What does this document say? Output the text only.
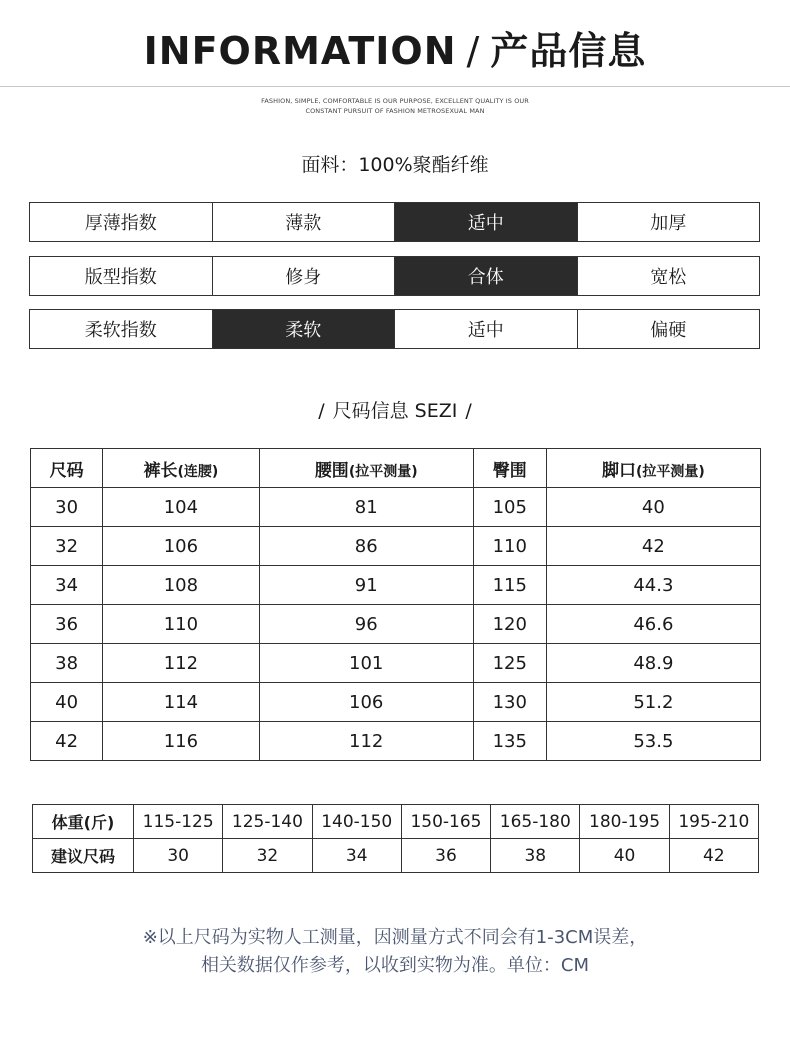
INFORMATION / 产品信息
FASHION, SIMPLE, COMFORTABLE IS OUR PURPOSE, EXCELLENT QUALITY IS OUR
CONSTANT PURSUIT OF FASHION METROSEXUAL MAN
面料：100%聚酯纤维
厚薄指数	薄款	适中	加厚
版型指数	修身	合体	宽松
柔软指数	柔软	适中	偏硬
/ 尺码信息 SEZI /
尺码	裤长(连腰)	腰围(拉平测量)	臀围	脚口(拉平测量)
30	104	81	105	40
32	106	86	110	42
34	108	91	115	44.3
36	110	96	120	46.6
38	112	101	125	48.9
40	114	106	130	51.2
42	116	112	135	53.5
体重(斤)	115-125	125-140	140-150	150-165	165-180	180-195	195-210
建议尺码	30	32	34	36	38	40	42
※以上尺码为实物人工测量，因测量方式不同会有1-3CM误差，
相关数据仅作参考，以收到实物为准。单位：CM
